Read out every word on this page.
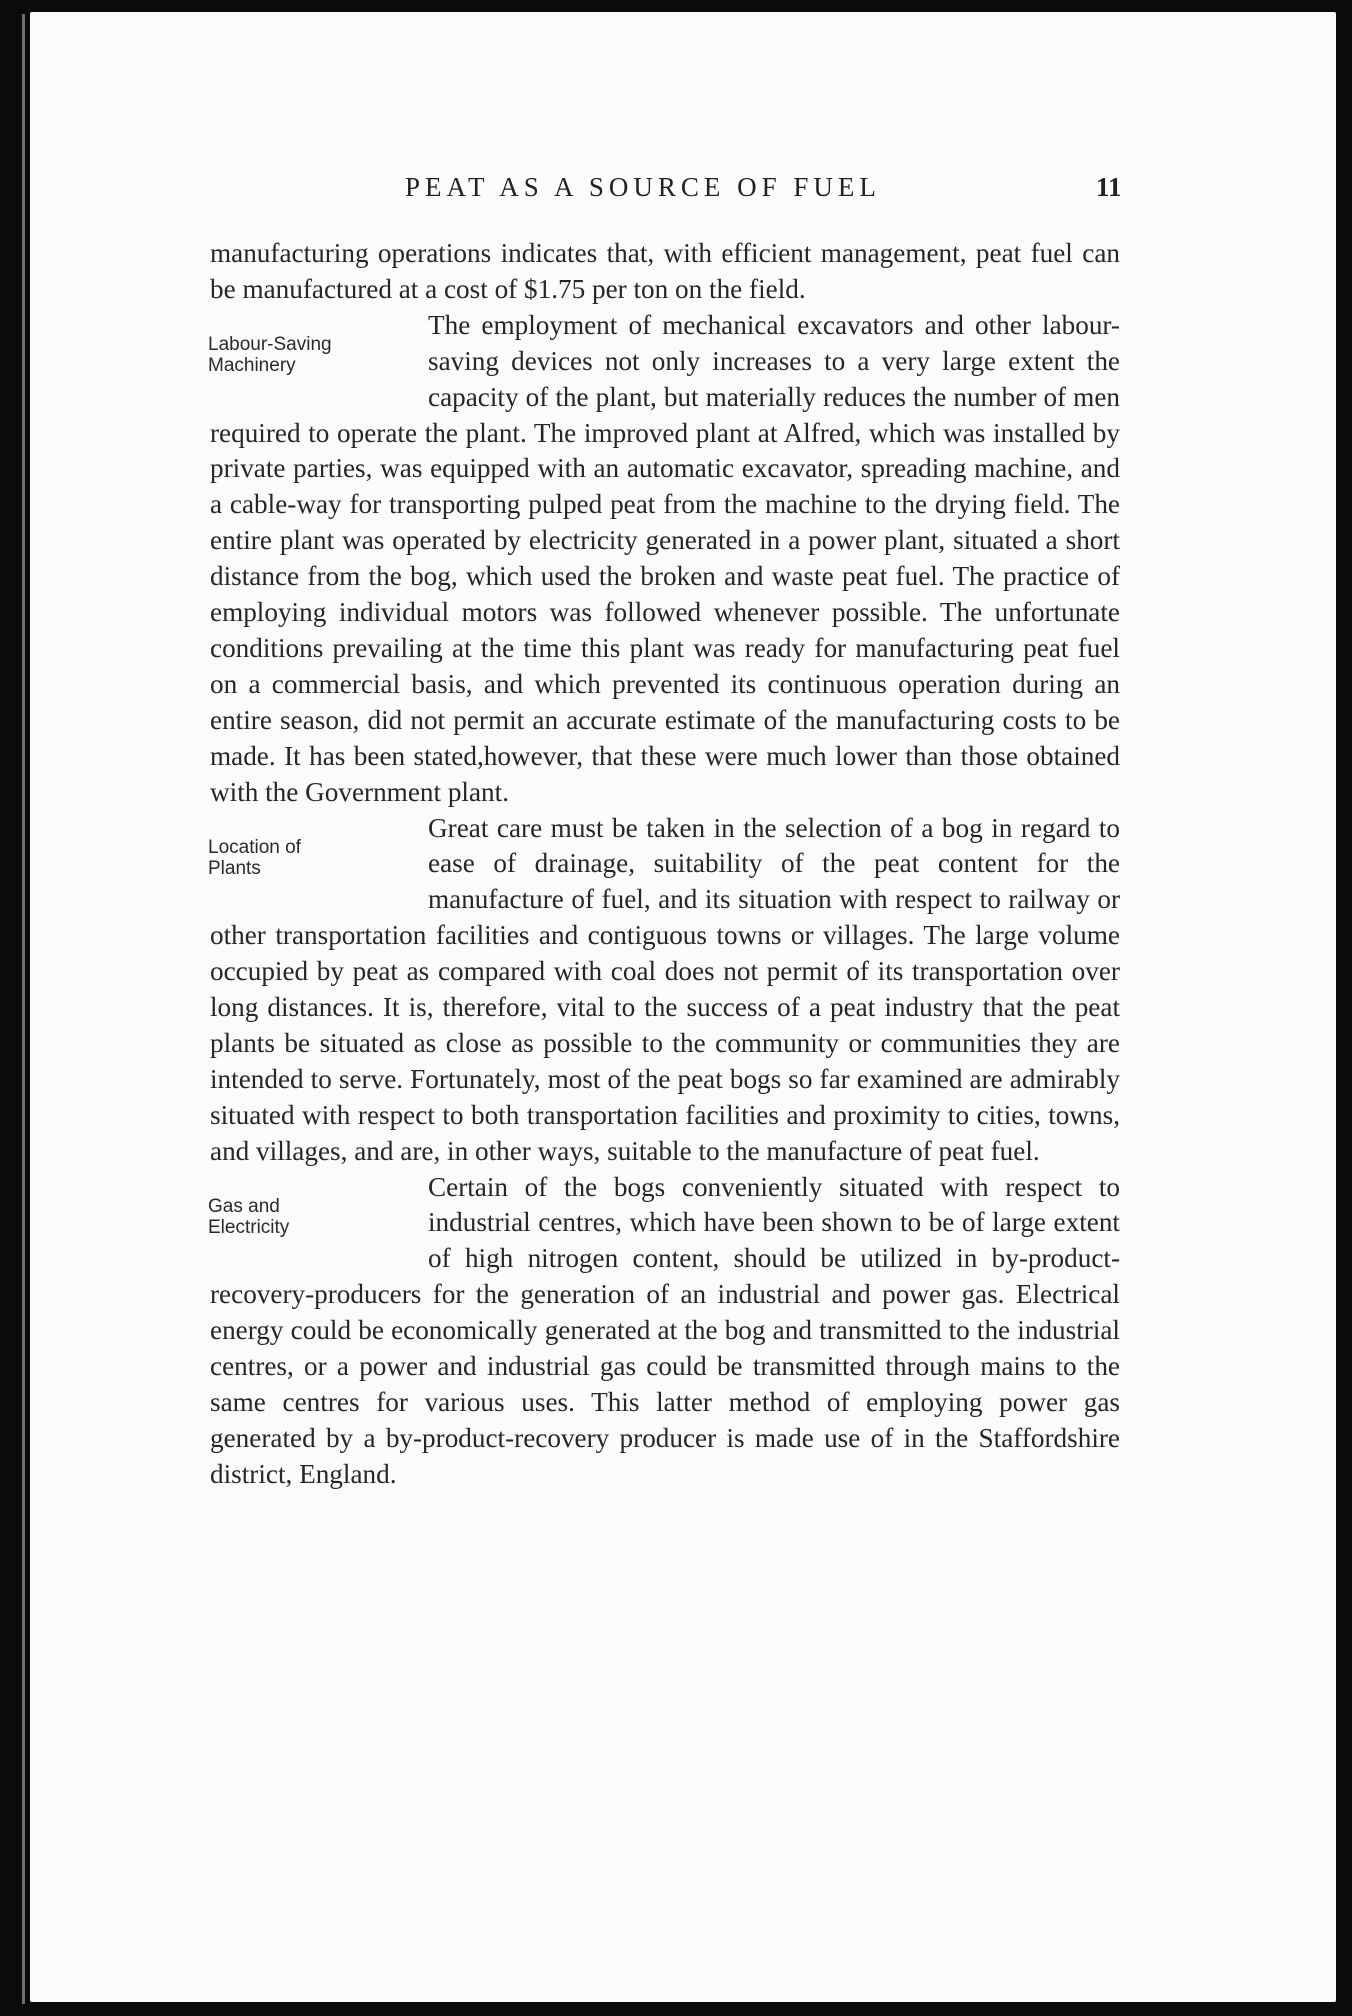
PEAT AS A SOURCE OF FUEL	11

manufacturing operations indicates that, with efficient management, peat fuel can be manufactured at a cost of $1.75 per ton on the field.

Labour-Saving
Machinery

The employment of mechanical excavators and other labour-saving devices not only increases to a very large extent the capacity of the plant, but materially reduces the number of men required to operate the plant. The improved plant at Alfred, which was installed by private parties, was equipped with an automatic excavator, spreading machine, and a cable-way for transporting pulped peat from the machine to the drying field. The entire plant was operated by electricity generated in a power plant, situated a short distance from the bog, which used the broken and waste peat fuel. The practice of employing individual motors was followed whenever possible. The unfortunate conditions prevailing at the time this plant was ready for manufacturing peat fuel on a commercial basis, and which prevented its continuous operation during an entire season, did not permit an accurate estimate of the manufacturing costs to be made. It has been stated,however, that these were much lower than those obtained with the Government plant.

Location of
Plants

Great care must be taken in the selection of a bog in regard to ease of drainage, suitability of the peat content for the manufacture of fuel, and its situation with respect to railway or other transportation facilities and contiguous towns or villages. The large volume occupied by peat as compared with coal does not permit of its transportation over long distances. It is, therefore, vital to the success of a peat industry that the peat plants be situated as close as possible to the community or communities they are intended to serve. Fortunately, most of the peat bogs so far examined are admirably situated with respect to both transportation facilities and proximity to cities, towns, and villages, and are, in other ways, suitable to the manufacture of peat fuel.

Gas and
Electricity

Certain of the bogs conveniently situated with respect to industrial centres, which have been shown to be of large extent of high nitrogen content, should be utilized in by-product-recovery-producers for the generation of an industrial and power gas. Electrical energy could be economically generated at the bog and transmitted to the industrial centres, or a power and industrial gas could be transmitted through mains to the same centres for various uses. This latter method of employing power gas generated by a by-product-recovery producer is made use of in the Staffordshire district, England.
